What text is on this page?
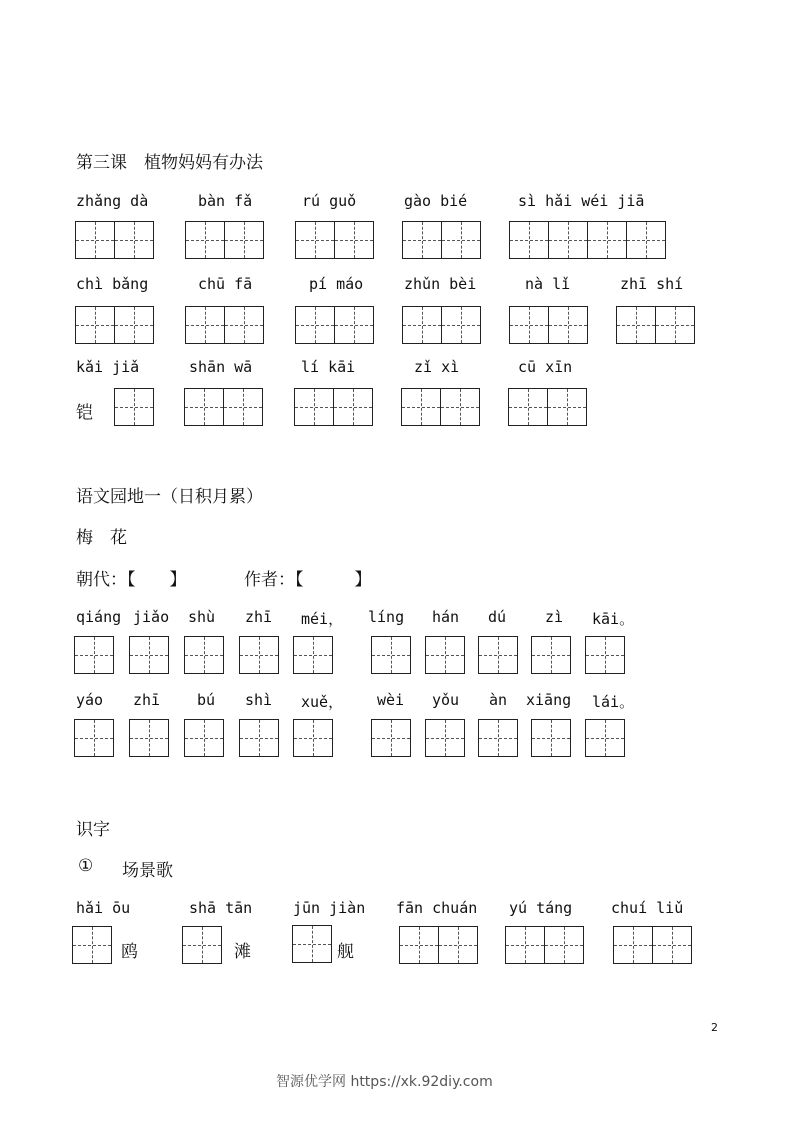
第三课　植物妈妈有办法
zhǎng dà	bàn fǎ	rú guǒ	gào bié	sì hǎi wéi jiā
chì bǎng	chū fā	pí máo	zhǔn bèi	nà lǐ	zhī shí
kǎi jiǎ	shān wā	lí kāi	zǐ xì	cū xīn
铠
语文园地一（日积月累）
梅　花
朝代：【　　】	作者：【　　　】
qiáng jiǎo shù zhī méi， líng hán dú	zì kāi。
yáo zhī bú shì xuě， wèi yǒu àn xiāng lái。
识字
① 场景歌
hǎi ōu	shā tān	jūn jiàn fān chuán yú táng	chuí liǔ
鸥	滩	舰
2
智源优学网 https://xk.92diy.com
